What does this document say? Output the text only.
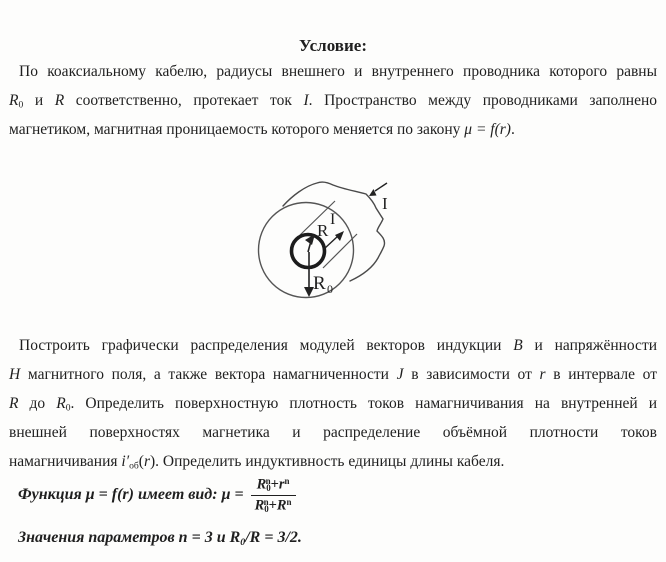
Условие:
По коаксиальному кабелю, радиусы внешнего и внутреннего проводника которого равны
$R_0$ и R соответственно, протекает ток I. Пространство между проводниками заполнено
магнетиком, магнитная проницаемость которого меняется по закону μ = f(r).
R
I
R 0
I
Построить графически распределения модулей векторов индукции B и напряжённости
H магнитного поля, а также вектора намагниченности J в зависимости от r в интервале от
R до $R_0$. Определить поверхностную плотность токов намагничивания на внутренней и
внешней поверхностях магнетика и распределение объёмной плотности токов
намагничивания $i'_{об}(r)$. Определить индуктивность единицы длины кабеля.
Функция μ = f(r) имеет вид: $\mu = \frac{R_0^n+r^n}{R_0^n+R^n}$
Значения параметров n = 3 и $R_0/R = 3/2$.
